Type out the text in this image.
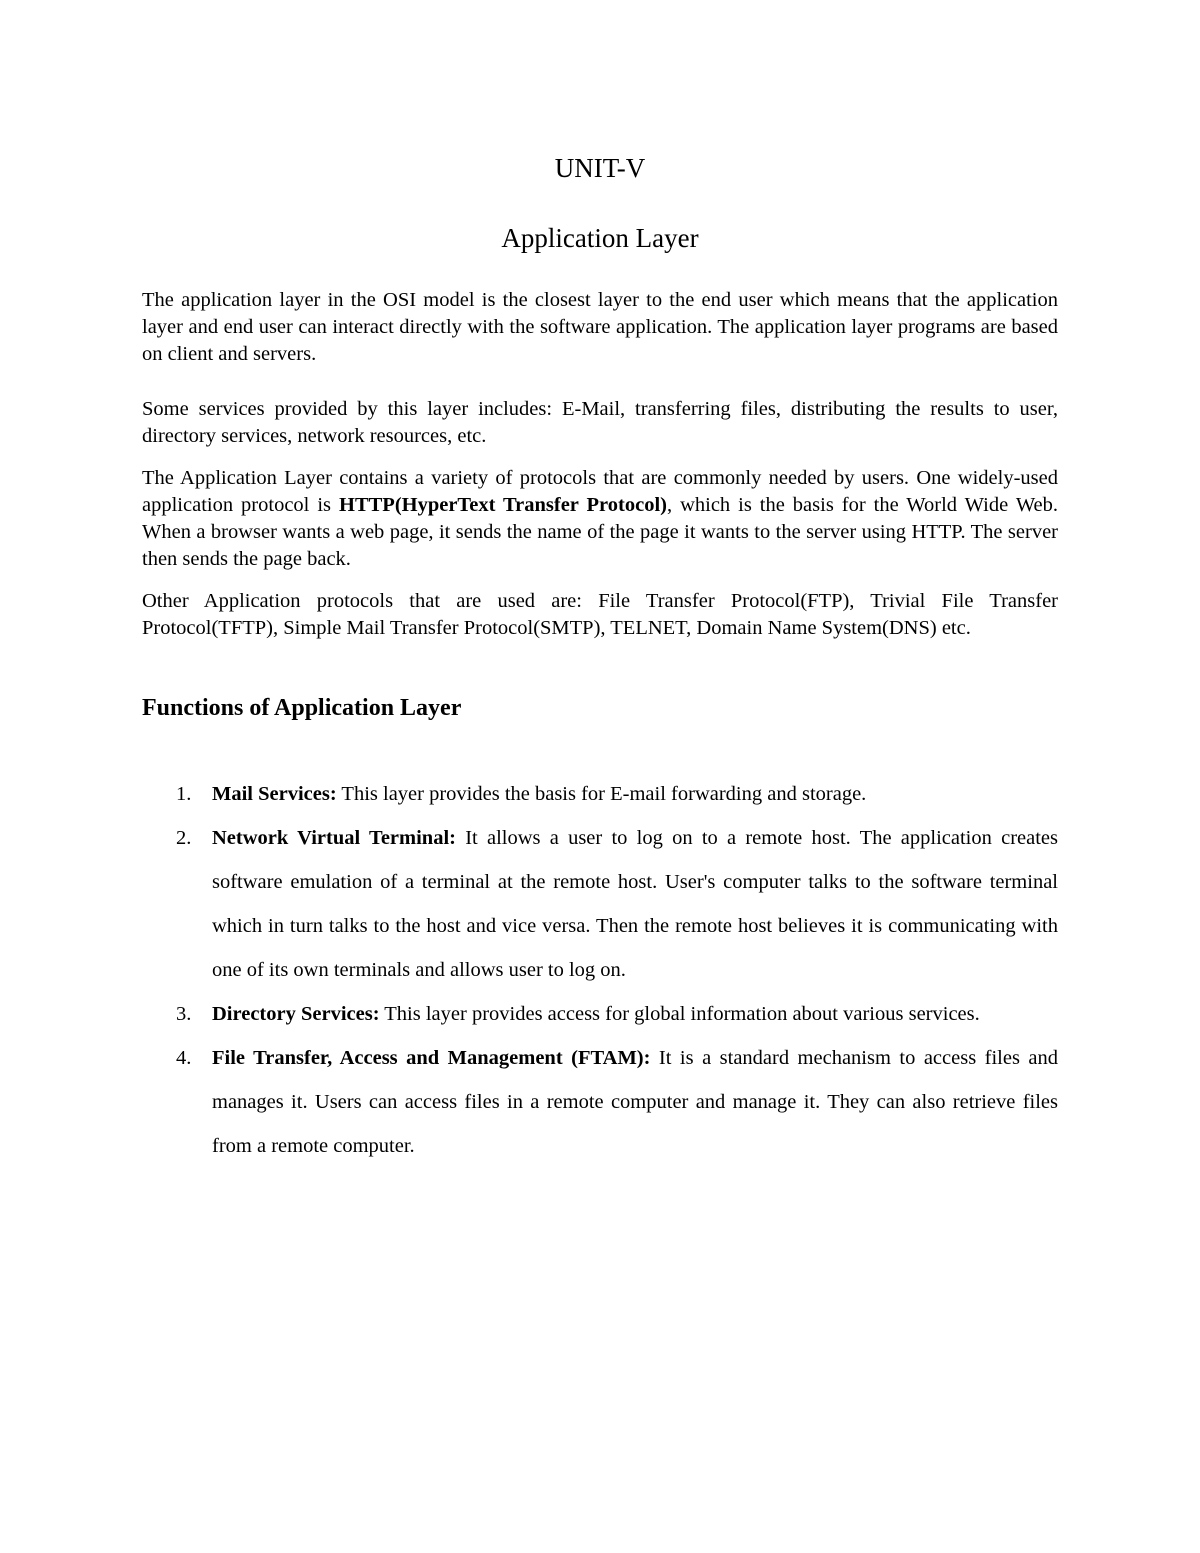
UNIT-V
Application Layer

The application layer in the OSI model is the closest layer to the end user which means that the application layer and end user can interact directly with the software application. The application layer programs are based on client and servers.

Some services provided by this layer includes: E-Mail, transferring files, distributing the results to user, directory services, network resources, etc.

The Application Layer contains a variety of protocols that are commonly needed by users. One widely-used application protocol is HTTP(HyperText Transfer Protocol), which is the basis for the World Wide Web. When a browser wants a web page, it sends the name of the page it wants to the server using HTTP. The server then sends the page back.

Other Application protocols that are used are: File Transfer Protocol(FTP), Trivial File Transfer Protocol(TFTP), Simple Mail Transfer Protocol(SMTP), TELNET, Domain Name System(DNS) etc.

Functions of Application Layer
1. Mail Services: This layer provides the basis for E-mail forwarding and storage.
2. Network Virtual Terminal: It allows a user to log on to a remote host. The application creates software emulation of a terminal at the remote host. User's computer talks to the software terminal which in turn talks to the host and vice versa. Then the remote host believes it is communicating with one of its own terminals and allows user to log on.
3. Directory Services: This layer provides access for global information about various services.
4. File Transfer, Access and Management (FTAM): It is a standard mechanism to access files and manages it. Users can access files in a remote computer and manage it. They can also retrieve files from a remote computer.
